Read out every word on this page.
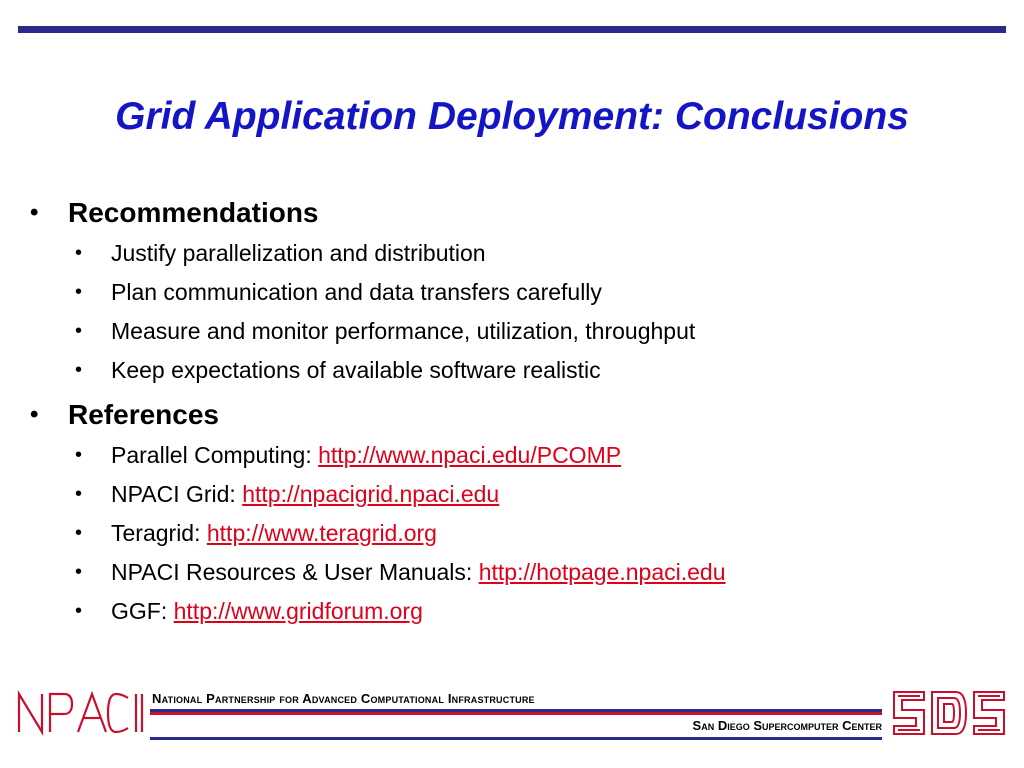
Grid Application Deployment: Conclusions
•	Recommendations
•	Justify parallelization and distribution
•	Plan communication and data transfers carefully
•	Measure and monitor performance, utilization, throughput
•	Keep expectations of available software realistic
•	References
•	Parallel Computing: http://www.npaci.edu/PCOMP
•	NPACI Grid: http://npacigrid.npaci.edu
•	Teragrid: http://www.teragrid.org
•	NPACI Resources & User Manuals: http://hotpage.npaci.edu
•	GGF: http://www.gridforum.org
NPACI
National Partnership for Advanced Computational Infrastructure
San Diego Supercomputer Center
